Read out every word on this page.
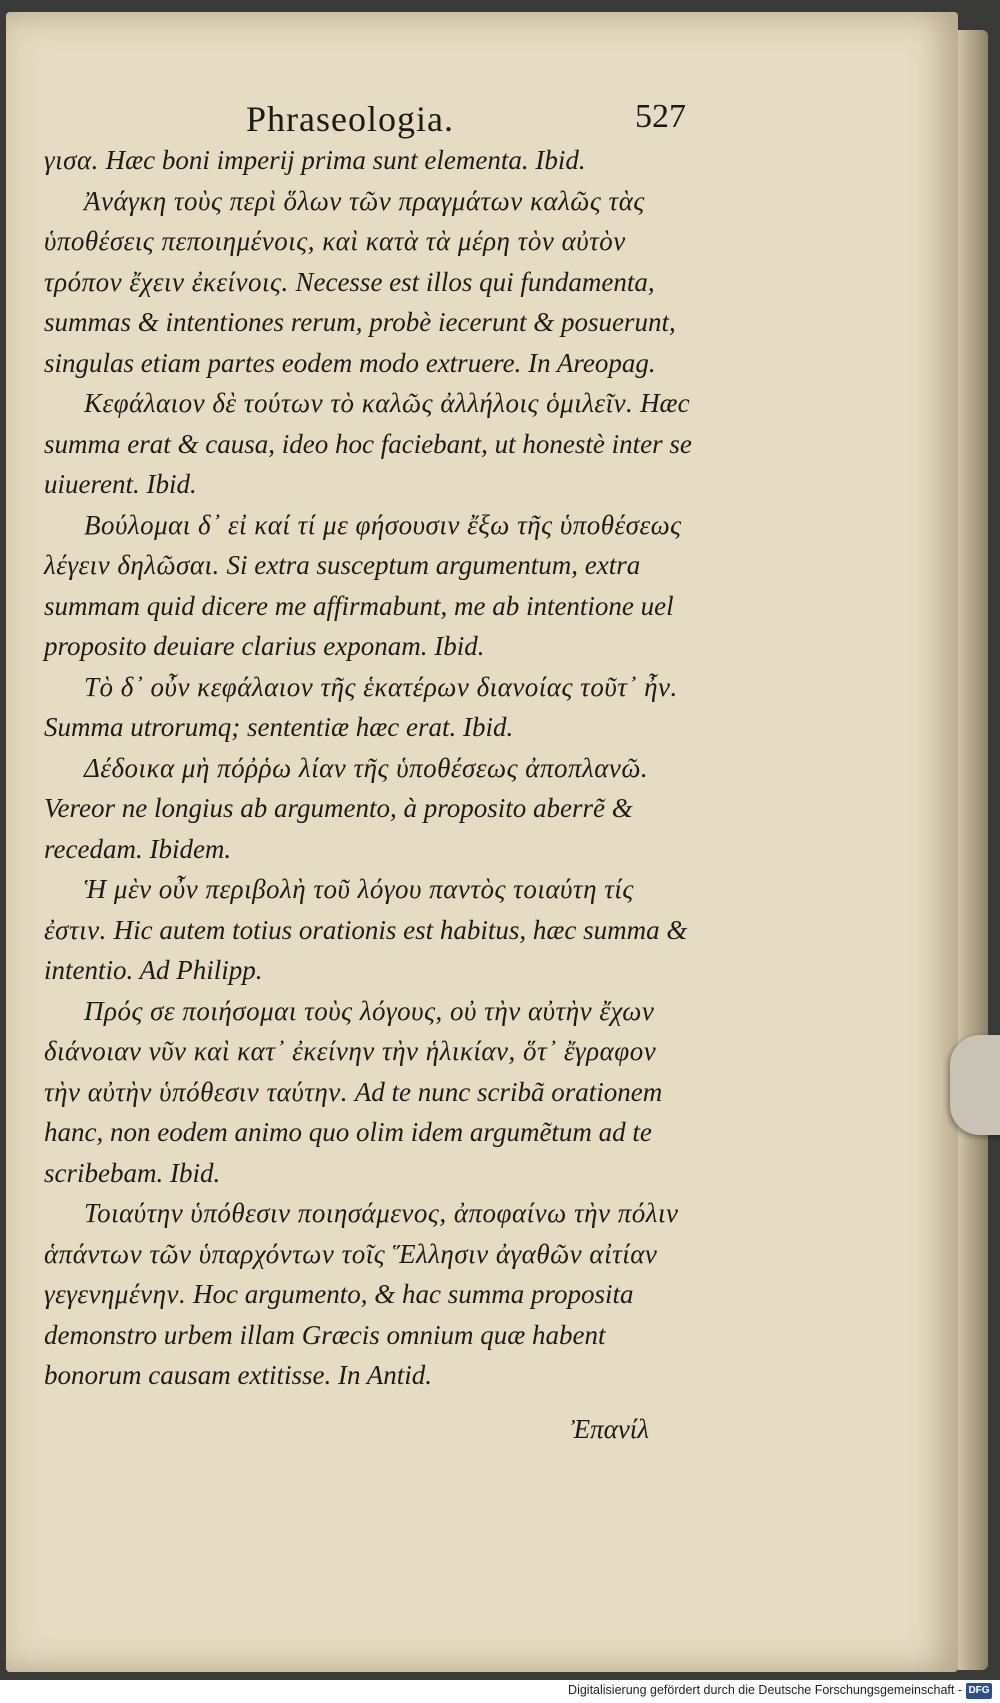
Phraseologia.	527

γισα. Hæc boni imperij prima sunt elementa. Ibid.

Ἀνάγκη τοὺς περὶ ὅλων τῶν πραγμάτων καλῶς τὰς ὑποθέσεις πεποιημένοις, καὶ κατὰ τὰ μέρη τὸν αὐτὸν τρόπον ἔχειν ἐκείνοις. Necesse est illos qui fundamenta, summas & intentiones rerum, probè iecerunt & posuerunt, singulas etiam partes eodem modo extruere. In Areopag.

Κεφάλαιον δὲ τούτων τὸ καλῶς ἀλλήλοις ὁμιλεῖν. Hæc summa erat & causa, ideo hoc faciebant, ut honestè inter se uiuerent. Ibid.

Βούλομαι δ᾽ εἰ καί τί με φήσουσιν ἔξω τῆς ὑποθέσεως λέγειν δηλῶσαι. Si extra susceptum argumentum, extra summam quid dicere me affirmabunt, me ab intentione uel proposito deuiare clarius exponam. Ibid.

Τὸ δ᾽ οὖν κεφάλαιον τῆς ἑκατέρων διανοίας τοῦτ᾽ ἦν. Summa utrorumq; sententiæ hæc erat. Ibid.

Δέδοικα μὴ πόῤῥω λίαν τῆς ὑποθέσεως ἀποπλανῶ. Vereor ne longius ab argumento, à proposito aberrẽ & recedam. Ibidem.

Ἡ μὲν οὖν περιβολὴ τοῦ λόγου παντὸς τοιαύτη τίς ἐστιν. Hic autem totius orationis est habitus, hæc summa & intentio. Ad Philipp.

Πρός σε ποιήσομαι τοὺς λόγους, οὐ τὴν αὐτὴν ἔχων διάνοιαν νῦν καὶ κατ᾽ ἐκείνην τὴν ἡλικίαν, ὅτ᾽ ἔγραφον τὴν αὐτὴν ὑπόθεσιν ταύτην. Ad te nunc scribã orationem hanc, non eodem animo quo olim idem argumẽtum ad te scribebam. Ibid.

Τοιαύτην ὑπόθεσιν ποιησάμενος, ἀποφαίνω τὴν πόλιν ἁπάντων τῶν ὑπαρχόντων τοῖς Ἕλλησιν ἀγαθῶν αἰτίαν γεγενημένην. Hoc argumento, & hac summa proposita demonstro urbem illam Græcis omnium quæ habent bonorum causam extitisse. In Antid.

Ἐπανίλ
Digitalisierung gefördert durch die Deutsche Forschungsgemeinschaft - DFG
